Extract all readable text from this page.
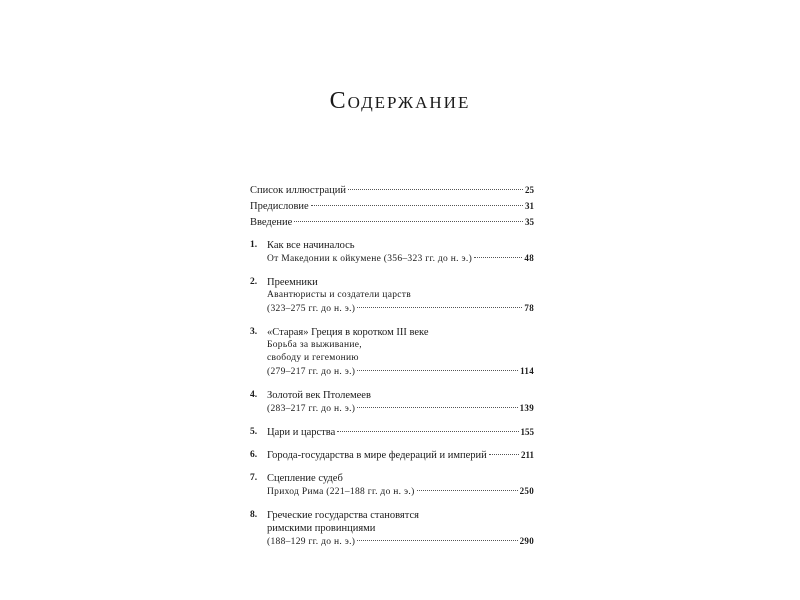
Содержание
Список иллюстраций	25
Предисловие	31
Введение	35
1. Как все начиналось
От Македонии к ойкумене (356–323 гг. до н. э.)	48
2. Преемники
Авантюристы и создатели царств
(323–275 гг. до н. э.)	78
3. «Старая» Греция в коротком III веке
Борьба за выживание,
свободу и гегемонию
(279–217 гг. до н. э.)	114
4. Золотой век Птолемеев
(283–217 гг. до н. э.)	139
5. Цари и царства	155
6. Города-государства в мире федераций и империй	211
7. Сцепление судеб
Приход Рима (221–188 гг. до н. э.)	250
8. Греческие государства становятся
римскими провинциями
(188–129 гг. до н. э.)	290
